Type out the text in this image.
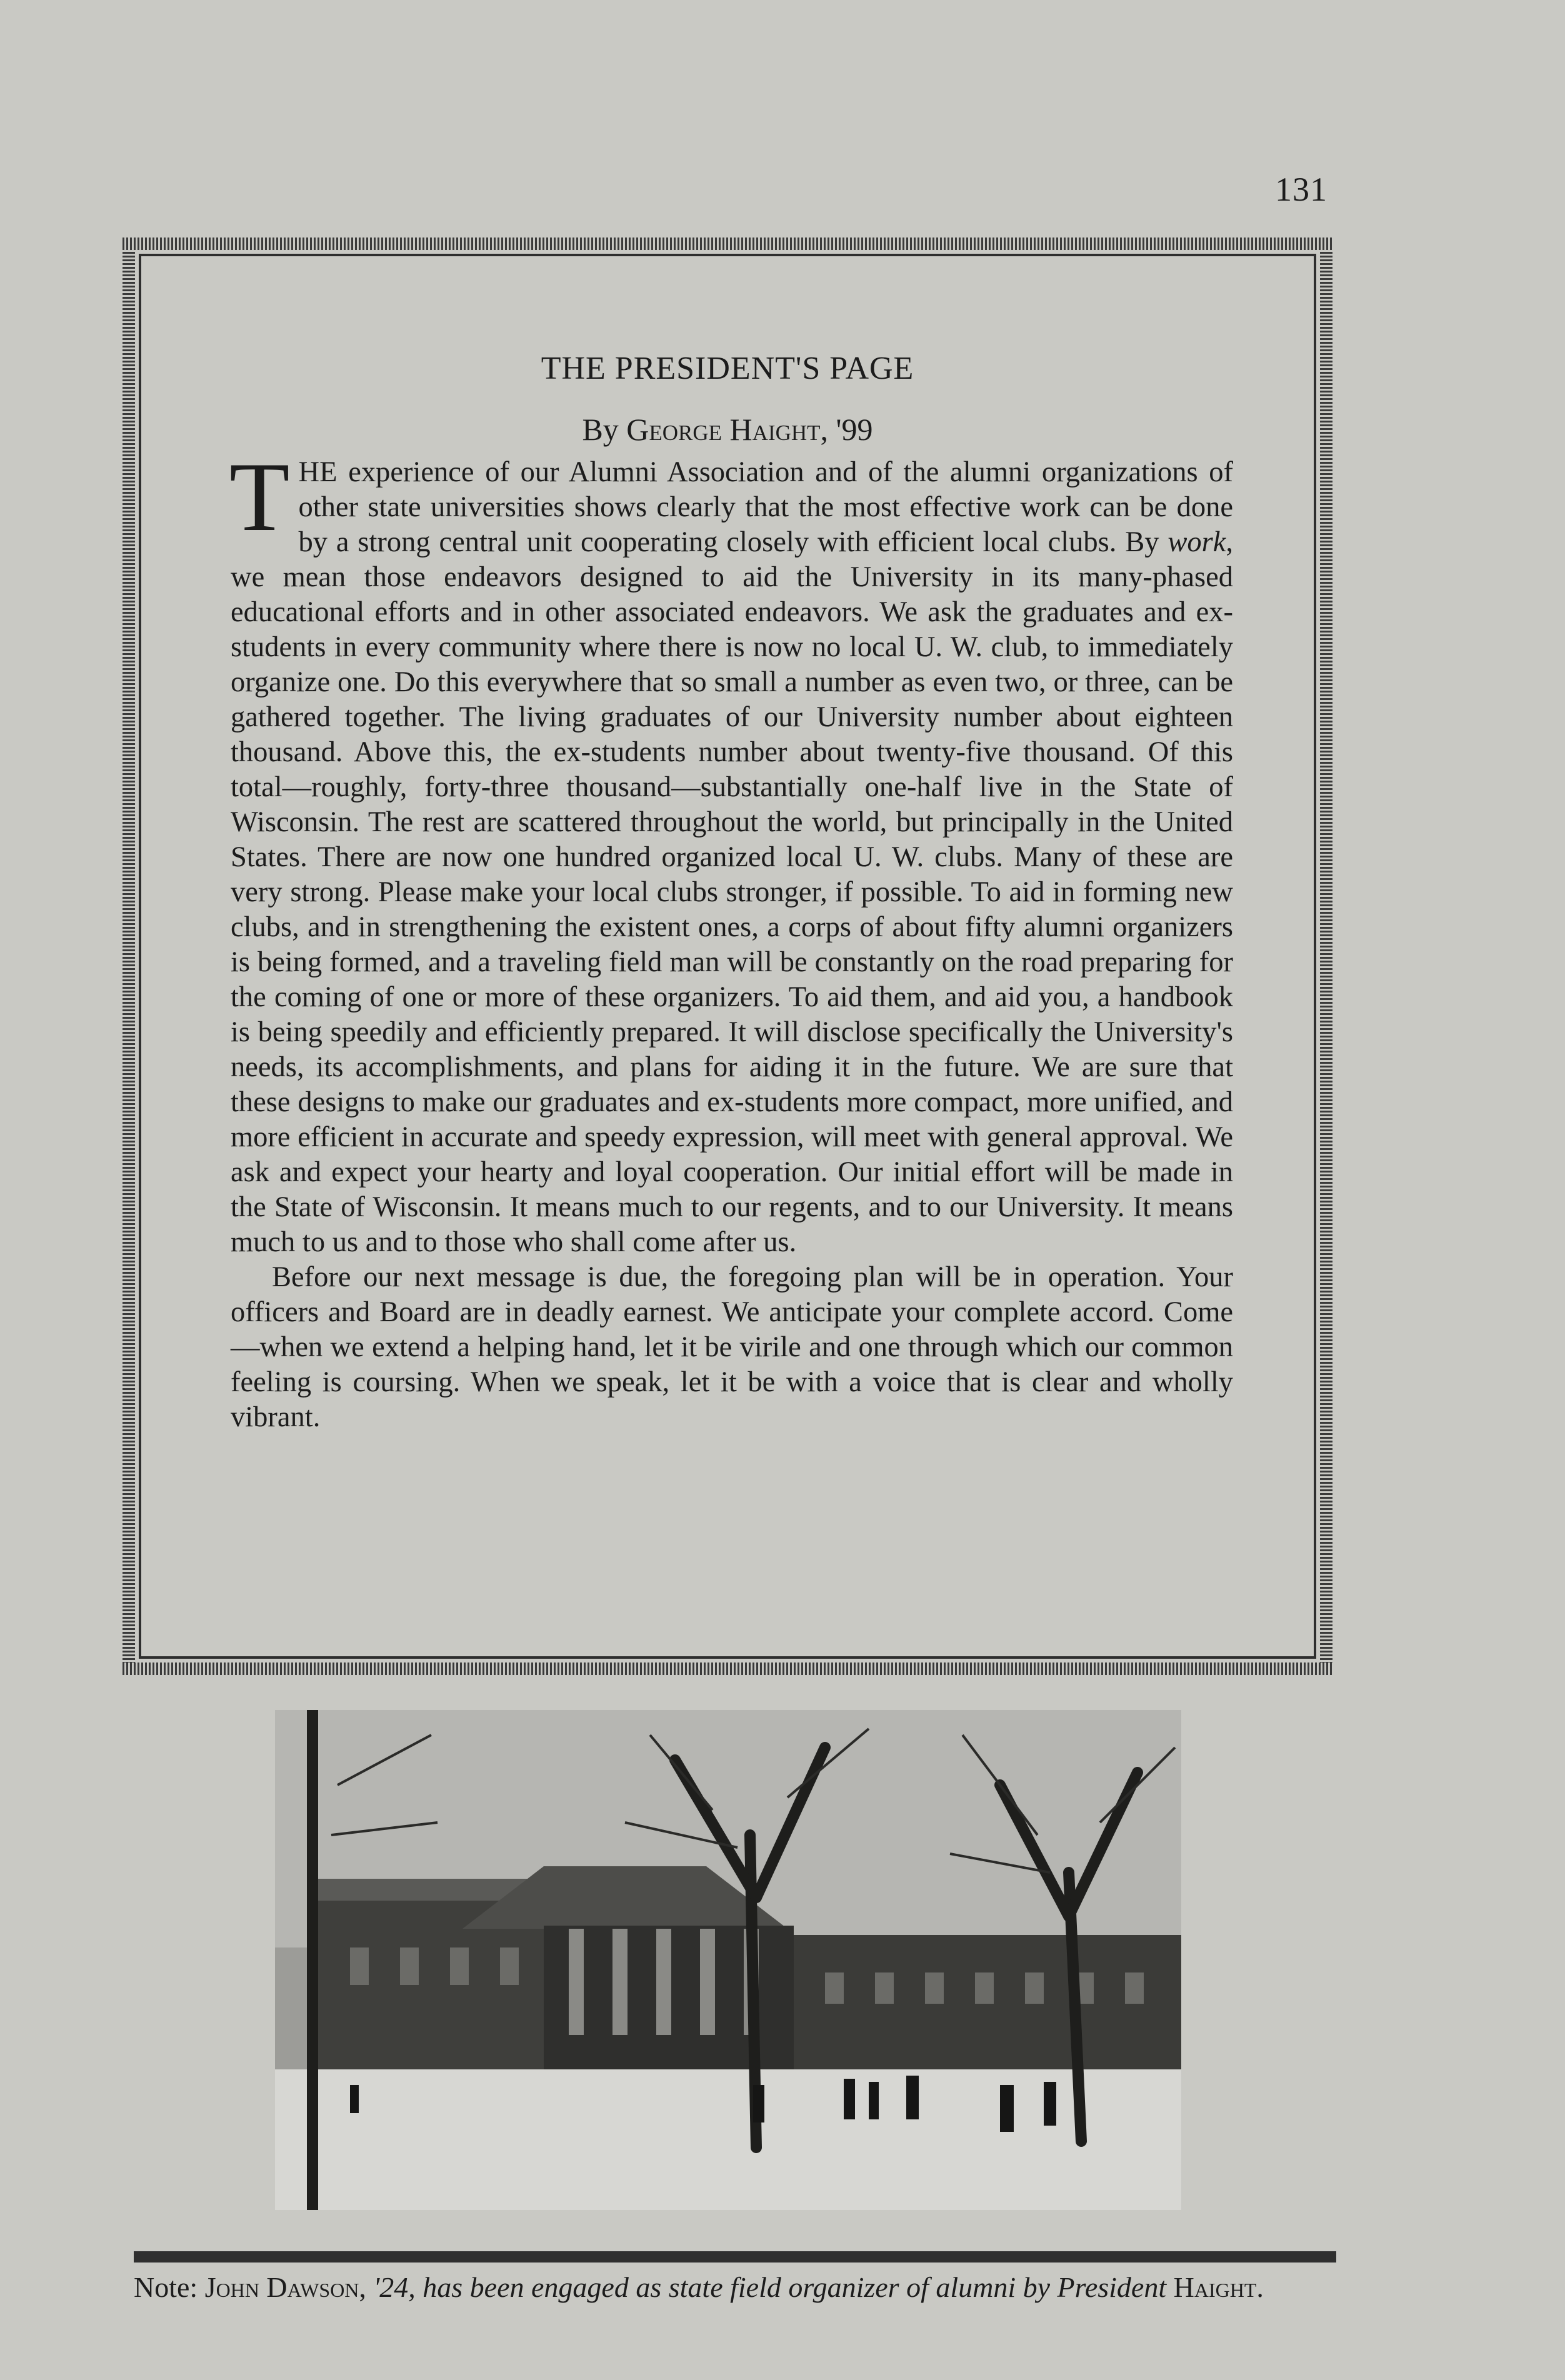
131
THE PRESIDENT'S PAGE
By George Haight, '99

THE experience of our Alumni Association and of the alumni organizations of other state universities shows clearly that the most effective work can be done by a strong central unit cooperating closely with efficient local clubs. By work, we mean those endeavors designed to aid the University in its many-phased educational efforts and in other associated endeavors. We ask the graduates and ex-students in every community where there is now no local U. W. club, to immediately organize one. Do this everywhere that so small a number as even two, or three, can be gathered together. The living graduates of our University number about eighteen thousand. Above this, the ex-students number about twenty-five thousand. Of this total—roughly, forty-three thousand—substantially one-half live in the State of Wisconsin. The rest are scattered throughout the world, but principally in the United States. There are now one hundred organized local U. W. clubs. Many of these are very strong. Please make your local clubs stronger, if possible. To aid in forming new clubs, and in strengthening the existent ones, a corps of about fifty alumni organizers is being formed, and a traveling field man will be constantly on the road preparing for the coming of one or more of these organizers. To aid them, and aid you, a handbook is being speedily and efficiently prepared. It will disclose specifically the University's needs, its accomplishments, and plans for aiding it in the future. We are sure that these designs to make our graduates and ex-students more compact, more unified, and more efficient in accurate and speedy expression, will meet with general approval. We ask and expect your hearty and loyal cooperation. Our initial effort will be made in the State of Wisconsin. It means much to our regents, and to our University. It means much to us and to those who shall come after us.

Before our next message is due, the foregoing plan will be in operation. Your officers and Board are in deadly earnest. We anticipate your complete accord. Come—when we extend a helping hand, let it be virile and one through which our common feeling is coursing. When we speak, let it be with a voice that is clear and wholly vibrant.

Note: John Dawson, '24, has been engaged as state field organizer of alumni by President Haight.
